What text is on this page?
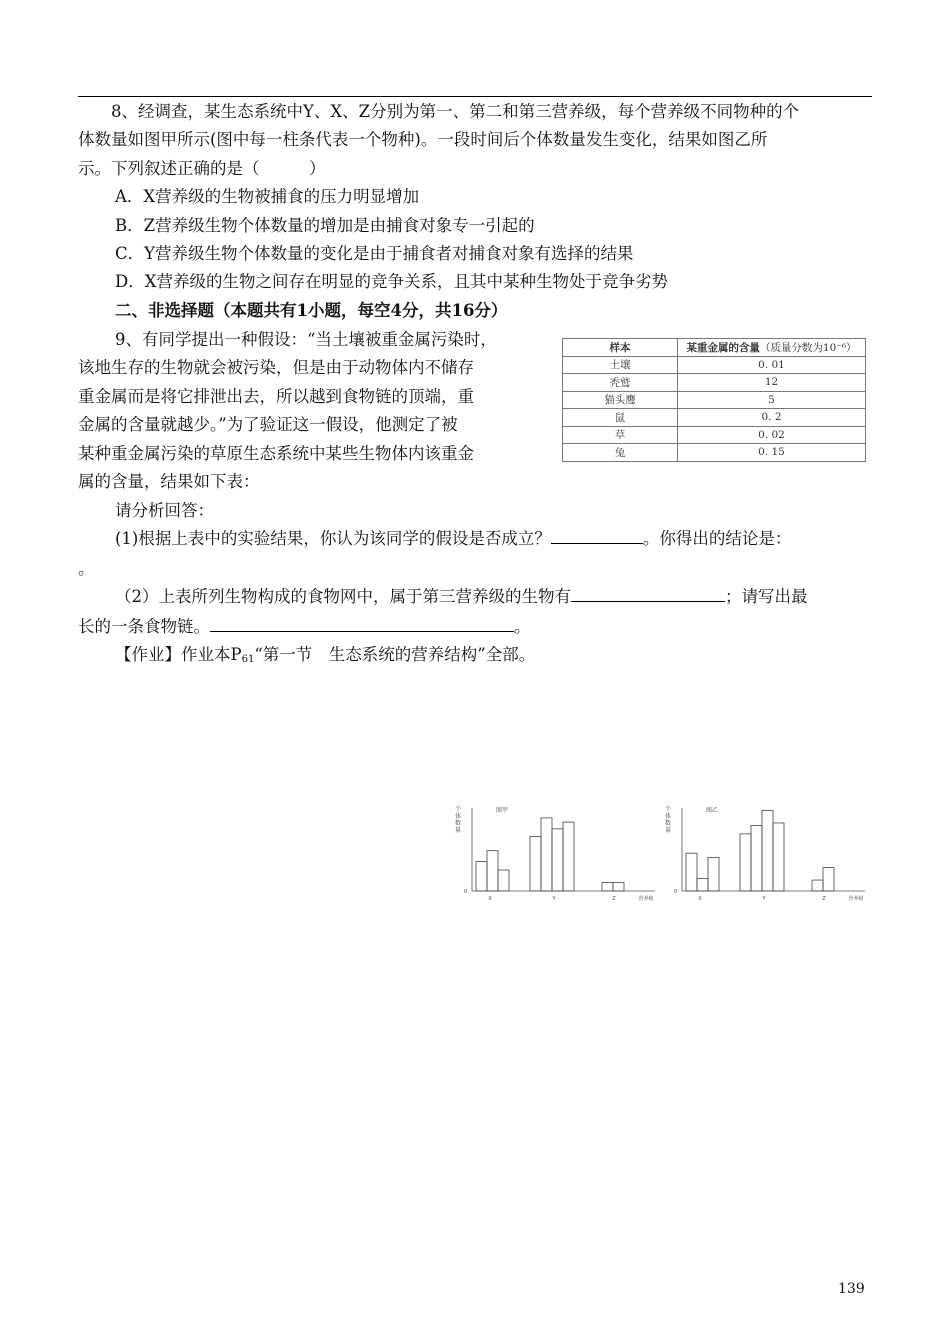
8、经调查，某生态系统中Y、X、Z分别为第一、第二和第三营养级，每个营养级不同物种的个
体数量如图甲所示(图中每一柱条代表一个物种)。一段时间后个体数量发生变化，结果如图乙所
示。下列叙述正确的是（　　　）
A．X营养级的生物被捕食的压力明显增加
B．Z营养级生物个体数量的增加是由捕食对象专一引起的
C．Y营养级生物个体数量的变化是由于捕食者对捕食对象有选择的结果
D．X营养级的生物之间存在明显的竞争关系，且其中某种生物处于竞争劣势
二、非选择题（本题共有1小题，每空4分，共16分）
9、有同学提出一种假设：“当土壤被重金属污染时，
该地生存的生物就会被污染，但是由于动物体内不储存
重金属而是将它排泄出去，所以越到食物链的顶端，重
金属的含量就越少。”为了验证这一假设，他测定了被
某种重金属污染的草原生态系统中某些生物体内该重金
属的含量，结果如下表：
样本	某重金属的含量（质量分数为10⁻⁶）
土壤	0. 01
秃鹫	12
猫头鹰	5
鼠	0. 2
草	0. 02
兔	0. 15
请分析回答：
(1)根据上表中的实验结果，你认为该同学的假设是否成立？	。你得出的结论是：
。
（2）上表所列生物构成的食物网中，属于第三营养级的生物有	；请写出最
长的一条食物链。	。
【作业】作业本$P_{61}“$第一节　生态系统的营养结构”全部。
个
体
数
量
0
图甲
X	Y	Z	营养级
个
体
数
量
0
图乙
X	Y	Z	营养级
139
